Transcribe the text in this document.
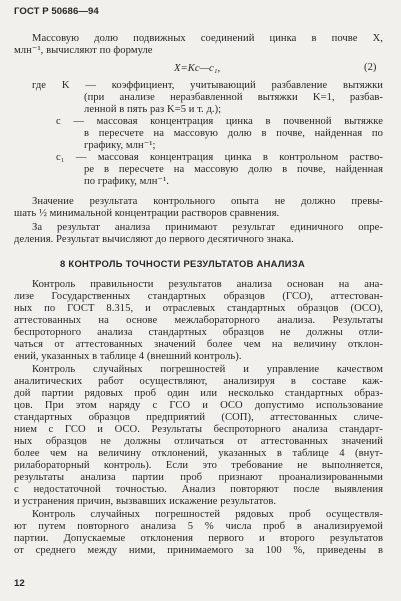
ГОСТ Р 50686—94
Массовую долю подвижных соединений цинка в почве X,
млн⁻¹, вычисляют по формуле
X=Kc—c₁,	(2)
где K — коэффициент, учитывающий разбавление вытяжки
(при анализе неразбавленной вытяжки K=1, разбав-
ленной в пять раз K=5 и т. д.);
c — массовая концентрация цинка в почвенной вытяжке
в пересчете на массовую долю в почве, найденная по
графику, млн⁻¹;
c₁ — массовая концентрация цинка в контрольном раство-
ре в пересчете на массовую долю в почве, найденная
по графику, млн⁻¹.
Значение результата контрольного опыта не должно превы-
шать ½ минимальной концентрации растворов сравнения.
За результат анализа принимают результат единичного опре-
деления. Результат вычисляют до первого десятичного знака.
8 КОНТРОЛЬ ТОЧНОСТИ РЕЗУЛЬТАТОВ АНАЛИЗА
Контроль правильности результатов анализа основан на ана-
лизе Государственных стандартных образцов (ГСО), аттестован-
ных по ГОСТ 8.315, и отраслевых стандартных образцов (ОСО),
аттестованных на основе межлабораторного анализа. Результаты
беспроторного анализа стандартных образцов не должны отли-
чаться от аттестованных значений более чем на величину отклон-
ений, указанных в таблице 4 (внешний контроль).
Контроль случайных погрешностей и управление качеством
аналитических работ осуществляют, анализируя в составе каж-
дой партии рядовых проб один или несколько стандартных образ-
цов. При этом наряду с ГСО и ОСО допустимо использование
стандартных образцов предприятий (СОП), аттестованных сличе-
нием с ГСО и ОСО. Результаты беспроторного анализа стандарт-
ных образцов не должны отличаться от аттестованных значений
более чем на величину отклонений, указанных в таблице 4 (внут-
рилабораторный контроль). Если это требование не выполняется,
результаты анализа партии проб признают проанализированными
с недостаточной точностью. Анализ повторяют после выявления
и устранения причин, вызвавших искажение результатов.
Контроль случайных погрешностей рядовых проб осуществля-
ют путем повторного анализа 5 % числа проб в анализируемой
партии. Допускаемые отклонения первого и второго результатов
от среднего между ними, принимаемого за 100 %, приведены в
12
